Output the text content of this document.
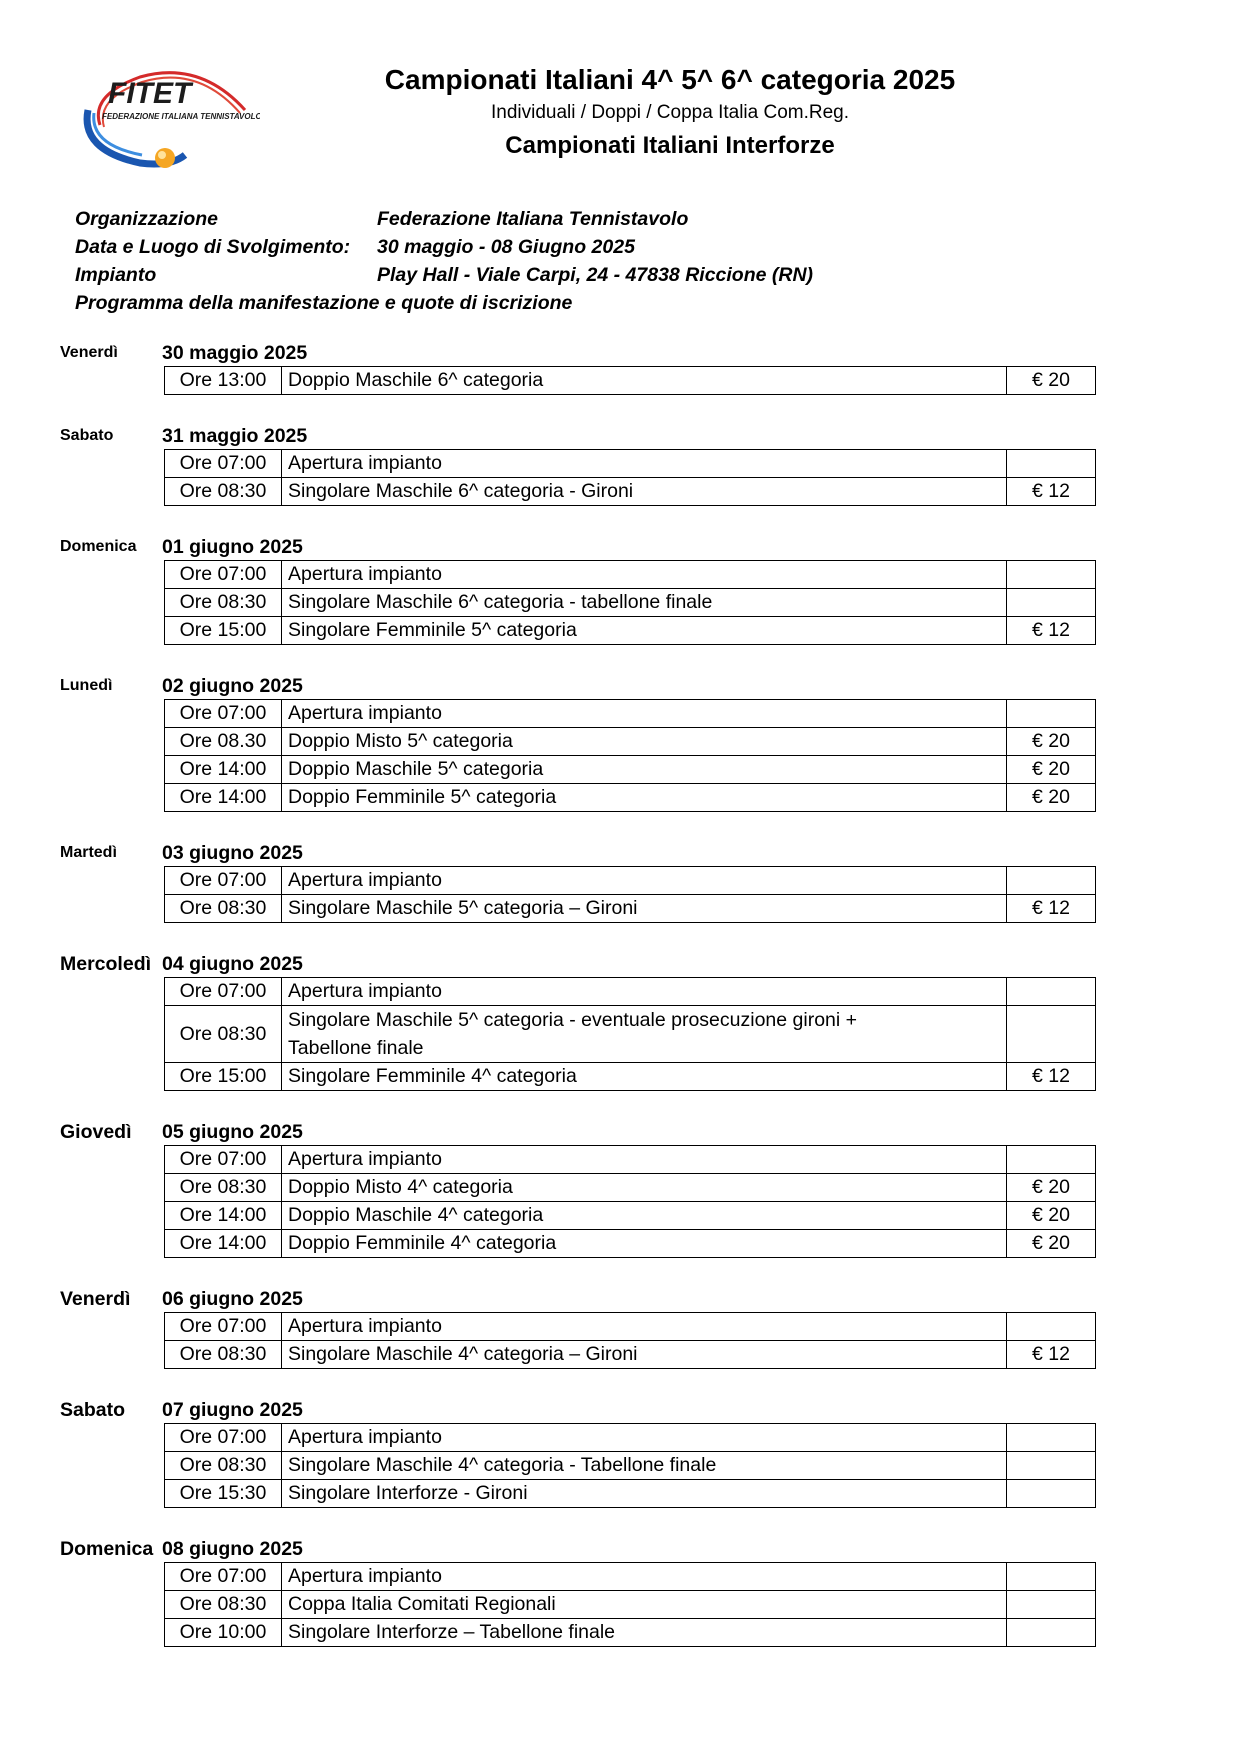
FITET
FEDERAZIONE ITALIANA TENNISTAVOLO
Campionati Italiani 4^ 5^ 6^ categoria 2025
Individuali / Doppi / Coppa Italia Com.Reg.
Campionati Italiani Interforze
Organizzazione	Federazione Italiana Tennistavolo
Data e Luogo di Svolgimento: 30 maggio - 08 Giugno 2025
Impianto	Play Hall - Viale Carpi, 24 - 47838 Riccione (RN)
Programma della manifestazione e quote di iscrizione
Venerdì 30 maggio 2025
Ore 13:00	Doppio Maschile 6^ categoria	€ 20
Sabato 31 maggio 2025
Ore 07:00	Apertura impianto	
Ore 08:30	Singolare Maschile 6^ categoria - Gironi	€ 12
Domenica 01 giugno 2025
Ore 07:00	Apertura impianto	
Ore 08:30	Singolare Maschile 6^ categoria - tabellone finale	
Ore 15:00	Singolare Femminile 5^ categoria	€ 12
Lunedì	02 giugno 2025
Ore 07:00	Apertura impianto	
Ore 08.30	Doppio Misto 5^ categoria	€ 20
Ore 14:00	Doppio Maschile 5^ categoria	€ 20
Ore 14:00	Doppio Femminile 5^ categoria	€ 20
Martedì 03 giugno 2025
Ore 07:00	Apertura impianto	
Ore 08:30	Singolare Maschile 5^ categoria – Gironi	€ 12
Mercoledì 04 giugno 2025
Ore 07:00	Apertura impianto	
Ore 08:30	Singolare Maschile 5^ categoria - eventuale prosecuzione gironi +
Tabellone finale	

Ore 15:00	Singolare Femminile 4^ categoria	€ 12
Giovedì 05 giugno 2025
Ore 07:00	Apertura impianto	
Ore 08:30	Doppio Misto 4^ categoria	€ 20
Ore 14:00	Doppio Maschile 4^ categoria	€ 20
Ore 14:00	Doppio Femminile 4^ categoria	€ 20
Venerdì 06 giugno 2025
Ore 07:00	Apertura impianto	
Ore 08:30	Singolare Maschile 4^ categoria – Gironi	€ 12
Sabato 07 giugno 2025
Ore 07:00	Apertura impianto	
Ore 08:30	Singolare Maschile 4^ categoria - Tabellone finale	
Ore 15:30	Singolare Interforze - Gironi	
Domenica 08 giugno 2025
Ore 07:00	Apertura impianto	
Ore 08:30	Coppa Italia Comitati Regionali	
Ore 10:00	Singolare Interforze – Tabellone finale	
